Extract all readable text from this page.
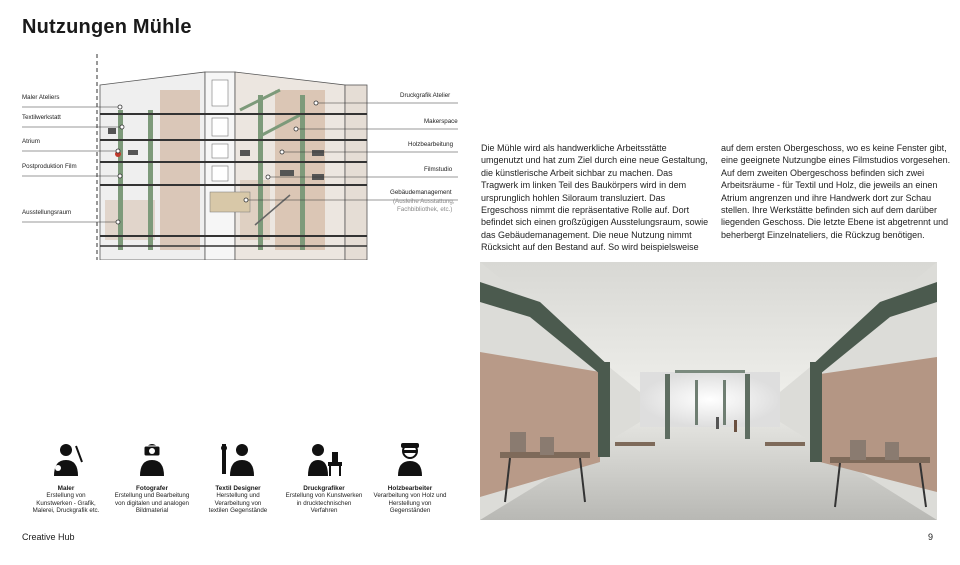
Nutzungen Mühle
Maler Ateliers
Textilwerkstatt
Atrium
Postproduktion Film
Ausstellungsraum
Druckgrafik Atelier
Makerspace
Holzbearbeitung
Filmstudio
Gebäudemanagement
(Ausleihe Ausstattung,
Fachbibliothek, etc.)
Die Mühle wird als handwerkliche Arbeitsstätte umgenutzt und hat zum Ziel durch eine neue Gestaltung, die künstlerische Arbeit sichbar zu machen. Das Tragwerk im linken Teil des Baukörpers wird in dem ursprunglich hohlen Siloraum transluziert. Das Ergeschoss nimmt die repräsentative Rolle auf. Dort befindet sich einen großzügigen Ausstelungsraum, sowie das Gebäudemanagement. Die neue Nutzung nimmt Rücksicht auf den Bestand auf. So wird beispielsweise
auf dem ersten Obergeschoss, wo es keine Fenster gibt, eine geeignete Nutzungbe eines Filmstudios vorgesehen. Auf dem zweiten Obergeschoss befinden sich zwei Arbeitsräume - für Textil und Holz, die jeweils an einen Atrium angrenzen und ihre Handwerk dort zur Schau stellen. Ihre Werkstätte befinden sich auf dem darüber liegenden Geschoss. Die letzte Ebene ist abgetrennt und beherbergt Einzelnateliers, die Rückzug benötigen.
Maler
Erstellung von
Kunstwerken - Grafik,
Malerei, Druckgrafik etc.
Fotografer
Erstellung und Bearbeitung
von digitalen und analogen
Bildmaterial
Textil Designer
Herstellung und
Verarbeitung von
textilen Gegenstände
Druckgrafiker
Erstellung von Kunstwerken
in drucktechnischen
Verfahren
Holzbearbeiter
Verarbeitung von Holz und
Herstellung von
Gegenständen
Creative Hub	9
